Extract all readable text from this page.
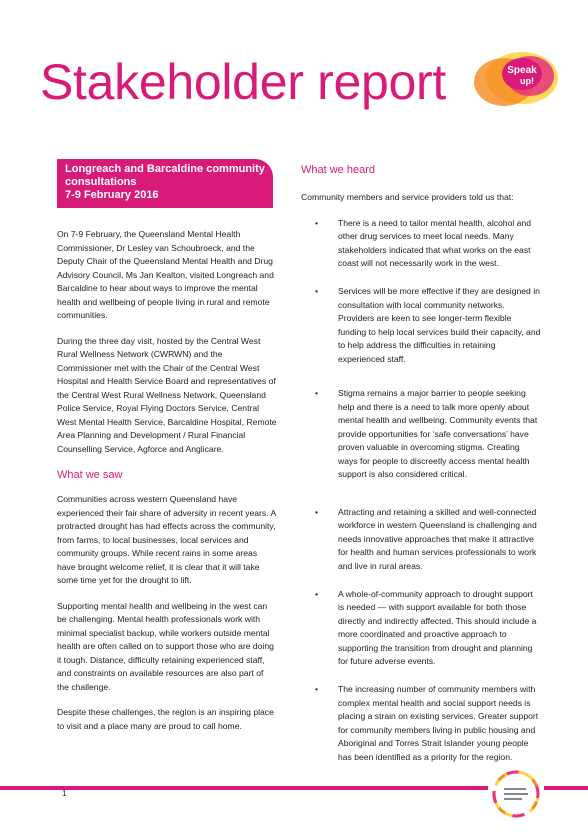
Stakeholder report	Speak
up!
Longreach and Barcaldine community
consultations
7-9 February 2016

On 7-9 February, the Queensland Mental Health Commissioner, Dr Lesley van Schoubroeck, and the Deputy Chair of the Queensland Mental Health and Drug Advisory Council, Ms Jan Kealton, visited Longreach and Barcaldine to hear about ways to improve the mental health and wellbeing of people living in rural and remote communities.

During the three day visit, hosted by the Central West Rural Wellness Network (CWRWN) and the Commissioner met with the Chair of the Central West Hospital and Health Service Board and representatives of the Central West Rural Wellness Network, Queensland Police Service, Royal Flying Doctors Service, Central West Mental Health Service, Barcaldine Hospital, Remote Area Planning and Development / Rural Financial Counselling Service, Agforce and Anglicare.

What we saw

Communities across western Queensland have experienced their fair share of adversity in recent years. A protracted drought has had effects across the community, from farms, to local businesses, local services and community groups. While recent rains in some areas have brought welcome relief, it is clear that it will take some time yet for the drought to lift.

Supporting mental health and wellbeing in the west can be challenging. Mental health professionals work with minimal specialist backup, while workers outside mental health are often called on to support those who are doing it tough. Distance, difficulty retaining experienced staff, and constraints on available resources are also part of the challenge.

Despite these challenges, the region is an inspiring place to visit and a place many are proud to call home.

What we heard

Community members and service providers told us that:

• There is a need to tailor mental health, alcohol and other drug services to meet local needs. Many stakeholders indicated that what works on the east coast will not necessarily work in the west.
• Services will be more effective if they are designed in consultation with local community networks. Providers are keen to see longer-term flexible funding to help local services build their capacity, and to help address the difficulties in retaining experienced staff.
• Stigma remains a major barrier to people seeking help and there is a need to talk more openly about mental health and wellbeing. Community events that provide opportunities for ‘safe conversations’ have proven valuable in overcoming stigma. Creating ways for people to discreetly access mental health support is also considered critical.
• Attracting and retaining a skilled and well-connected workforce in western Queensland is challenging and needs innovative approaches that make it attractive for health and human services professionals to work and live in rural areas.
• A whole-of-community approach to drought support is needed — with support available for both those directly and indirectly affected. This should include a more coordinated and proactive approach to supporting the transition from drought and planning for future adverse events.
• The increasing number of community members with complex mental health and social support needs is placing a strain on existing services. Greater support for community members living in public housing and Aboriginal and Torres Strait Islander young people has been identified as a priority for the region.
1
